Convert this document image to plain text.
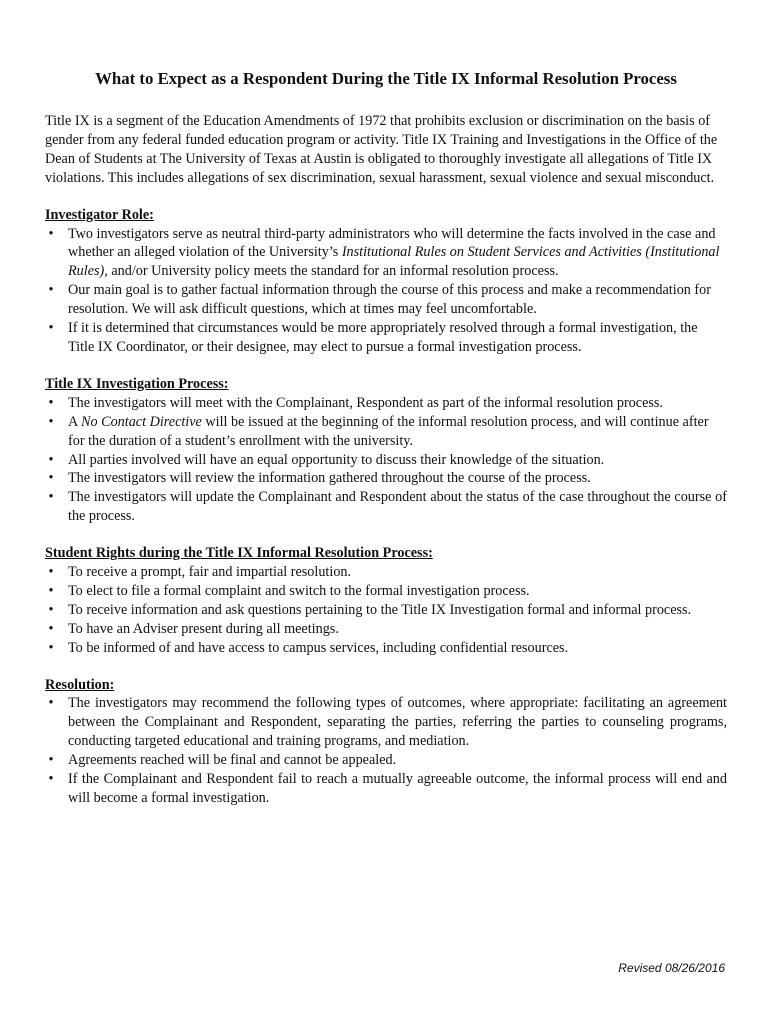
What to Expect as a Respondent During the Title IX Informal Resolution Process

Title IX is a segment of the Education Amendments of 1972 that prohibits exclusion or discrimination on the basis of gender from any federal funded education program or activity. Title IX Training and Investigations in the Office of the Dean of Students at The University of Texas at Austin is obligated to thoroughly investigate all allegations of Title IX violations. This includes allegations of sex discrimination, sexual harassment, sexual violence and sexual misconduct.

Investigator Role:

• Two investigators serve as neutral third-party administrators who will determine the facts involved in the case and whether an alleged violation of the University’s Institutional Rules on Student Services and Activities (Institutional Rules), and/or University policy meets the standard for an informal resolution process.
• Our main goal is to gather factual information through the course of this process and make a recommendation for resolution. We will ask difficult questions, which at times may feel uncomfortable.
• If it is determined that circumstances would be more appropriately resolved through a formal investigation, the Title IX Coordinator, or their designee, may elect to pursue a formal investigation process.

Title IX Investigation Process:

• The investigators will meet with the Complainant, Respondent as part of the informal resolution process.
• A No Contact Directive will be issued at the beginning of the informal resolution process, and will continue after for the duration of a student’s enrollment with the university.
• All parties involved will have an equal opportunity to discuss their knowledge of the situation.
• The investigators will review the information gathered throughout the course of the process.
• The investigators will update the Complainant and Respondent about the status of the case throughout the course of the process.

Student Rights during the Title IX Informal Resolution Process:

• To receive a prompt, fair and impartial resolution.
• To elect to file a formal complaint and switch to the formal investigation process.
• To receive information and ask questions pertaining to the Title IX Investigation formal and informal process.
• To have an Adviser present during all meetings.
• To be informed of and have access to campus services, including confidential resources.

Resolution:

• The investigators may recommend the following types of outcomes, where appropriate: facilitating an agreement between the Complainant and Respondent, separating the parties, referring the parties to counseling programs, conducting targeted educational and training programs, and mediation.
• Agreements reached will be final and cannot be appealed.
• If the Complainant and Respondent fail to reach a mutually agreeable outcome, the informal process will end and will become a formal investigation.
Revised 08/26/2016
